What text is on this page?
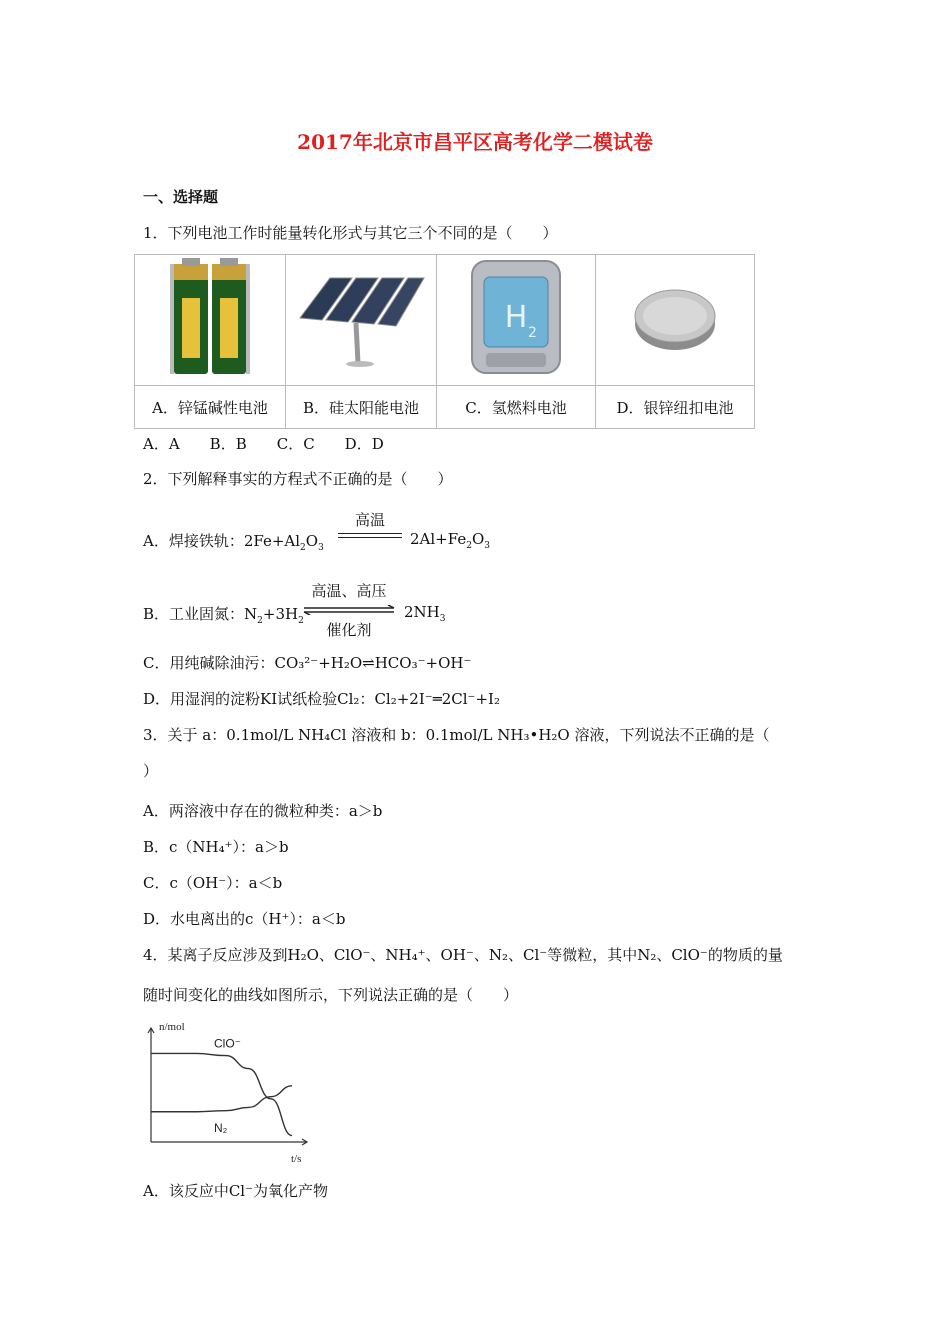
2017年北京市昌平区高考化学二模试卷
一、选择题
1．下列电池工作时能量转化形式与其它三个不同的是（　　）

H 2

A．锌锰碱性电池	B．硅太阳能电池	C．氢燃料电池	D．银锌纽扣电池
A．A　　B．B　　C．C　　D．D
2．下列解释事实的方程式不正确的是（　　）
A．焊接铁轨：$2Fe+Al_2O_3$
高温
$2Al+Fe_2O_3$
B．工业固氮：$N_2+3H_2$
高温、高压
催化剂
$2NH_3$
C．用纯碱除油污：CO₃²⁻+H₂O⇌HCO₃⁻+OH⁻
D．用湿润的淀粉KI试纸检验Cl₂：Cl₂+2I⁻═2Cl⁻+I₂
3．关于 a：0.1mol/L NH₄Cl 溶液和 b：0.1mol/L NH₃•H₂O 溶液，下列说法不正确的是（
）
A．两溶液中存在的微粒种类：a＞b
B．c（NH₄⁺）：a＞b
C．c（OH⁻）：a＜b
D．水电离出的c（H⁺）：a＜b
4．某离子反应涉及到H₂O、ClO⁻、NH₄⁺、OH⁻、N₂、Cl⁻等微粒，其中N₂、ClO⁻的物质的量
随时间变化的曲线如图所示，下列说法正确的是（　　）
n/mol
t/s
ClO⁻
N₂
A．该反应中Cl⁻为氧化产物
